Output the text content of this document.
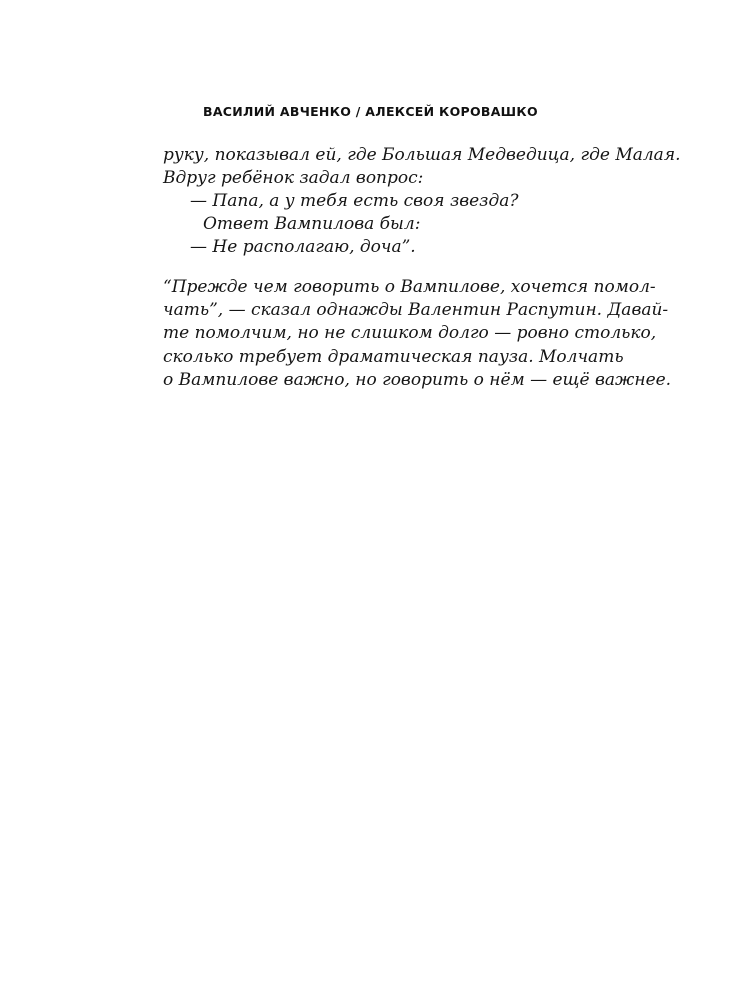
ВАСИЛИЙ АВЧЕНКО / АЛЕКСЕЙ КОРОВАШКО
руку, показывал ей, где Большая Медведица, где Малая.
Вдруг ребёнок задал вопрос:
— Папа, а у тебя есть своя звезда?
Ответ Вампилова был:
— Не располагаю, доча”.
“Прежде чем говорить о Вампилове, хочется помол-
чать”, — сказал однажды Валентин Распутин. Давай-
те помолчим, но не слишком долго — ровно столько,
сколько требует драматическая пауза. Молчать
о Вампилове важно, но говорить о нём — ещё важнее.
